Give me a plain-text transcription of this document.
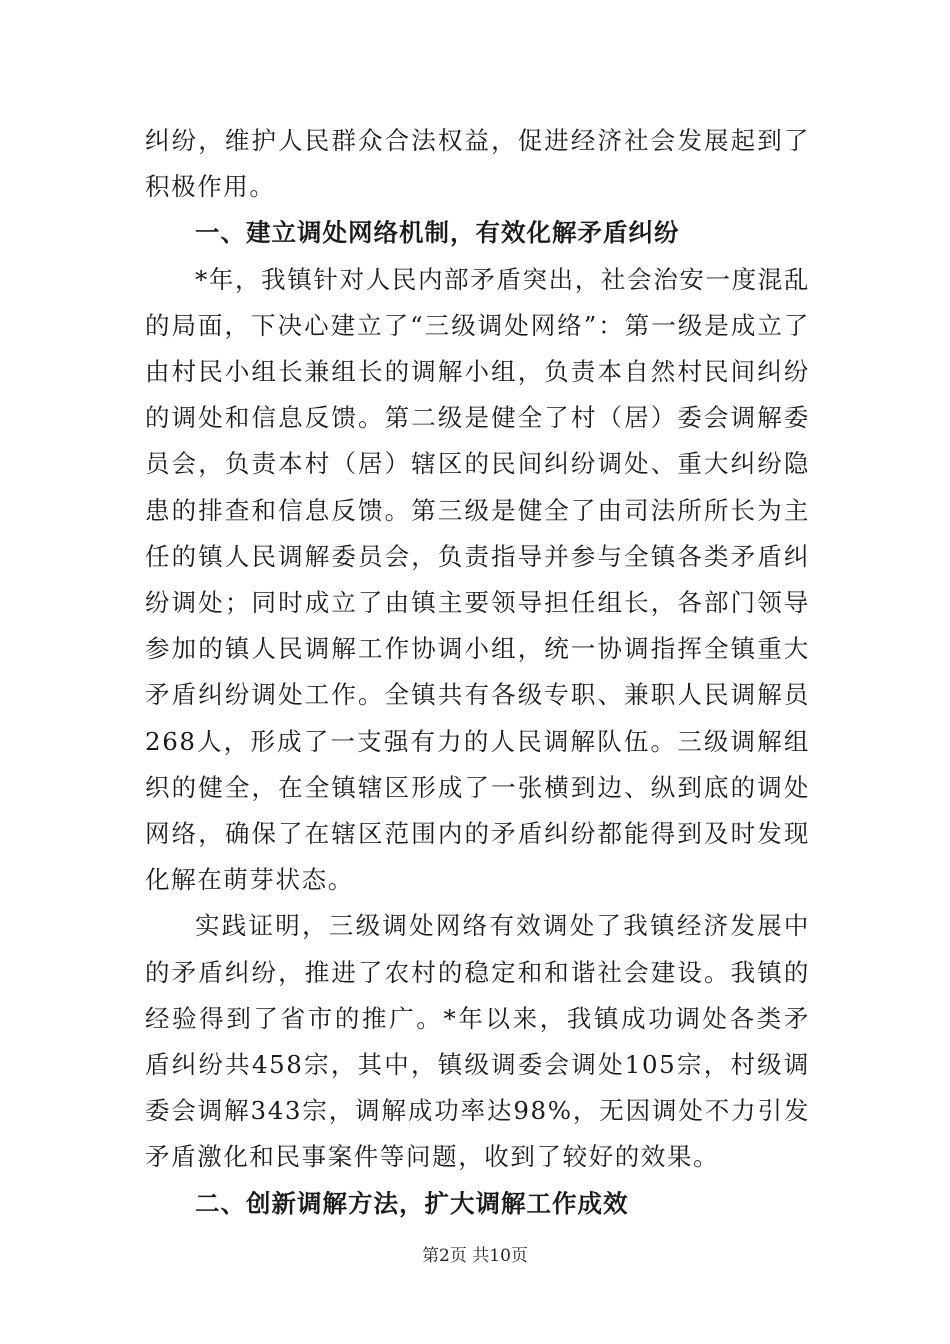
纠纷，维护人民群众合法权益，促进经济社会发展起到了积极作用。

一、建立调处网络机制，有效化解矛盾纠纷

*年，我镇针对人民内部矛盾突出，社会治安一度混乱的局面，下决心建立了“三级调处网络”：第一级是成立了由村民小组长兼组长的调解小组，负责本自然村民间纠纷的调处和信息反馈。第二级是健全了村（居）委会调解委员会，负责本村（居）辖区的民间纠纷调处、重大纠纷隐患的排查和信息反馈。第三级是健全了由司法所所长为主任的镇人民调解委员会，负责指导并参与全镇各类矛盾纠纷调处；同时成立了由镇主要领导担任组长，各部门领导参加的镇人民调解工作协调小组，统一协调指挥全镇重大矛盾纠纷调处工作。全镇共有各级专职、兼职人民调解员268人，形成了一支强有力的人民调解队伍。三级调解组织的健全，在全镇辖区形成了一张横到边、纵到底的调处网络，确保了在辖区范围内的矛盾纠纷都能得到及时发现化解在萌芽状态。

实践证明，三级调处网络有效调处了我镇经济发展中的矛盾纠纷，推进了农村的稳定和和谐社会建设。我镇的经验得到了省市的推广。*年以来，我镇成功调处各类矛盾纠纷共458宗，其中，镇级调委会调处105宗，村级调委会调解343宗，调解成功率达98%，无因调处不力引发矛盾激化和民事案件等问题，收到了较好的效果。

二、创新调解方法，扩大调解工作成效

第2页 共10页
